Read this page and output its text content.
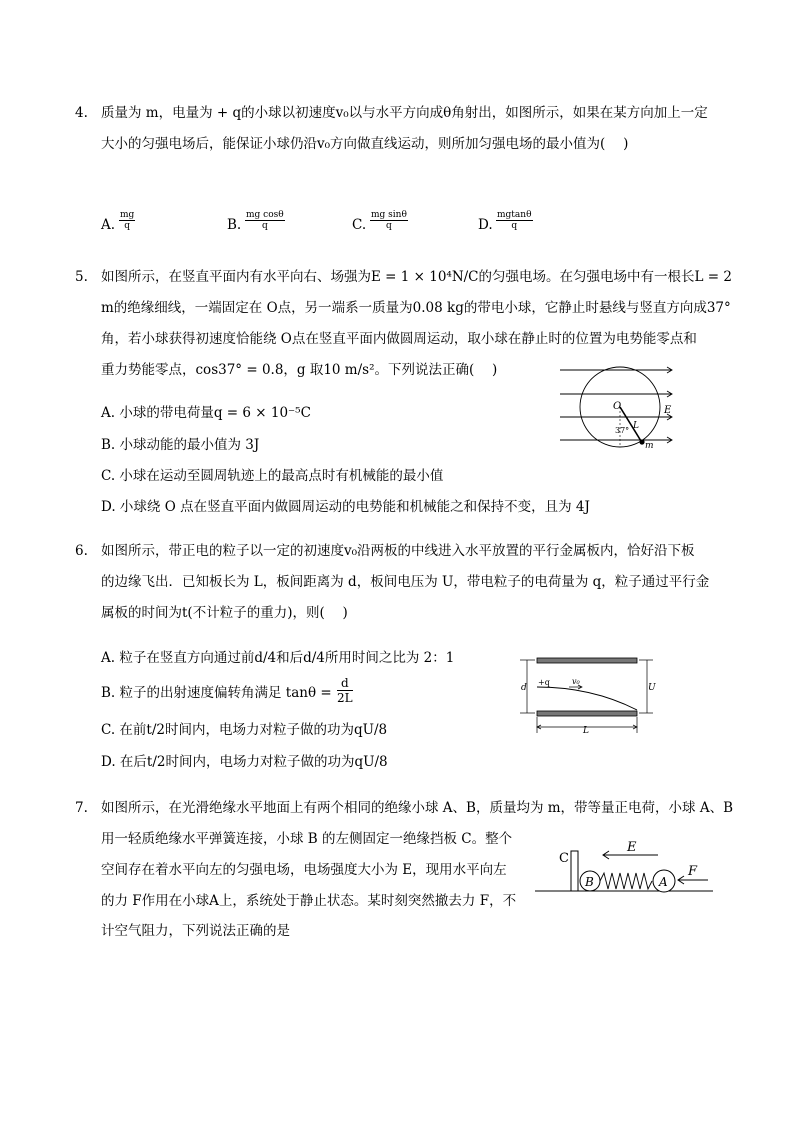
4. 质量为 m，电量为 + q的小球以初速度v₀以与水平方向成θ角射出，如图所示，如果在某方向加上一定
大小的匀强电场后，能保证小球仍沿v₀方向做直线运动，则所加匀强电场的最小值为(　 )
A. $\frac{mg}{q}$	B. $\frac{\text{mg cosθ}}{q}$	C. $\frac{\text{mg sinθ}}{q}$	D. $\frac{mgtan\theta}{q}$
5. 如图所示，在竖直平面内有水平向右、场强为E = 1 × 10⁴N/C的匀强电场。在匀强电场中有一根长L = 2
m的绝缘细线，一端固定在 O点，另一端系一质量为0.08 kg的带电小球，它静止时悬线与竖直方向成37°
角，若小球获得初速度恰能绕 O点在竖直平面内做圆周运动，取小球在静止时的位置为电势能零点和
重力势能零点，cos37° = 0.8，g 取10 m/s²。下列说法正确(　 )
A. 小球的带电荷量q = 6 × 10⁻⁵C
B. 小球动能的最小值为 3J
C. 小球在运动至圆周轨迹上的最高点时有机械能的最小值
D. 小球绕 O 点在竖直平面内做圆周运动的电势能和机械能之和保持不变，且为 4J
O	E
L
37°
m
6. 如图所示，带正电的粒子以一定的初速度v₀沿两板的中线进入水平放置的平行金属板内，恰好沿下板
的边缘飞出．已知板长为 L，板间距离为 d，板间电压为 U，带电粒子的电荷量为 q，粒子通过平行金
属板的时间为t(不计粒子的重力)，则(　 )
A. 粒子在竖直方向通过前d/4和后d/4所用时间之比为 2：1
B. 粒子的出射速度偏转角满足 $\tan\theta = \frac{d}{2L}$
C. 在前t/2时间内，电场力对粒子做的功为qU/8
D. 在后t/2时间内，电场力对粒子做的功为qU/8
+q	v₀
d	U
L
7. 如图所示，在光滑绝缘水平地面上有两个相同的绝缘小球 A、B，质量均为 m，带等量正电荷，小球 A、B
用一轻质绝缘水平弹簧连接，小球 B 的左侧固定一绝缘挡板 C。整个
空间存在着水平向左的匀强电场，电场强度大小为 E，现用水平向左
的力 F作用在小球A上，系统处于静止状态。某时刻突然撤去力 F，不
计空气阻力，下列说法正确的是
C
E
F
B	A
